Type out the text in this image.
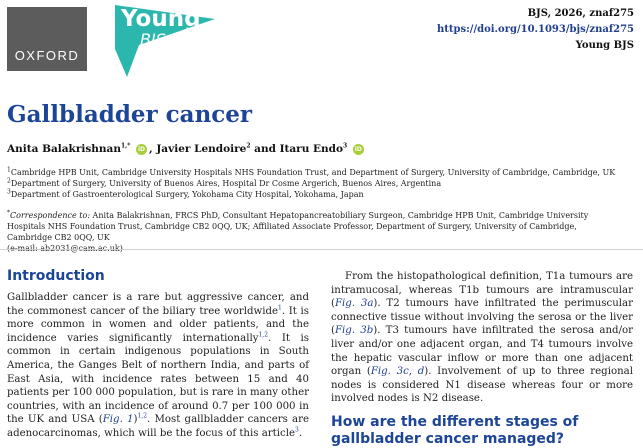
OXFORD
Young
BJS
BJS, 2026, znaf275
https://doi.org/10.1093/bjs/znaf275
Young BJS
Gallbladder cancer
Anita Balakrishnan$^{1,*}$ iD , Javier Lendoire$^2$ and Itaru Endo$^3$ iD
$^1$Cambridge HPB Unit, Cambridge University Hospitals NHS Foundation Trust, and Department of Surgery, University of Cambridge, Cambridge, UK
$^2$Department of Surgery, University of Buenos Aires, Hospital Dr Cosme Argerich, Buenos Aires, Argentina
$^3$Department of Gastroenterological Surgery, Yokohama City Hospital, Yokohama, Japan
*Correspondence to: Anita Balakrishnan, FRCS PhD, Consultant Hepatopancreatobiliary Surgeon, Cambridge HPB Unit, Cambridge University Hospitals NHS Foundation Trust, Cambridge CB2 0QQ, UK; Affiliated Associate Professor, Department of Surgery, University of Cambridge, Cambridge CB2 0QQ, UK

Introduction
Gallbladder cancer is a rare but aggressive cancer, and the commonest cancer of the biliary tree worldwide$^1$. It is more common in women and older patients, and the incidence varies significantly internationally$^{1,2}$. It is common in certain indigenous populations in South America, the Ganges Belt of northern India, and parts of East Asia, with incidence rates between 15 and 40 patients per 100 000 population, but is rare in many other countries, with an incidence of around 0.7 per 100 000 in the UK and USA (Fig. 1)$^{1,2}$. Most gallbladder cancers are adenocarcinomas, which will be the focus of this article$^3$.
From the histopathological definition, T1a tumours are intramucosal, whereas T1b tumours are intramuscular (Fig. 3a). T2 tumours have infiltrated the perimuscular connective tissue without involving the serosa or the liver (Fig. 3b). T3 tumours have infiltrated the serosa and/or liver and/or one adjacent organ, and T4 tumours involve the hepatic vascular inflow or more than one adjacent organ (Fig. 3c, d). Involvement of up to three regional nodes is considered N1 disease whereas four or more involved nodes is N2 disease.
How are the different stages of gallbladder cancer managed?
